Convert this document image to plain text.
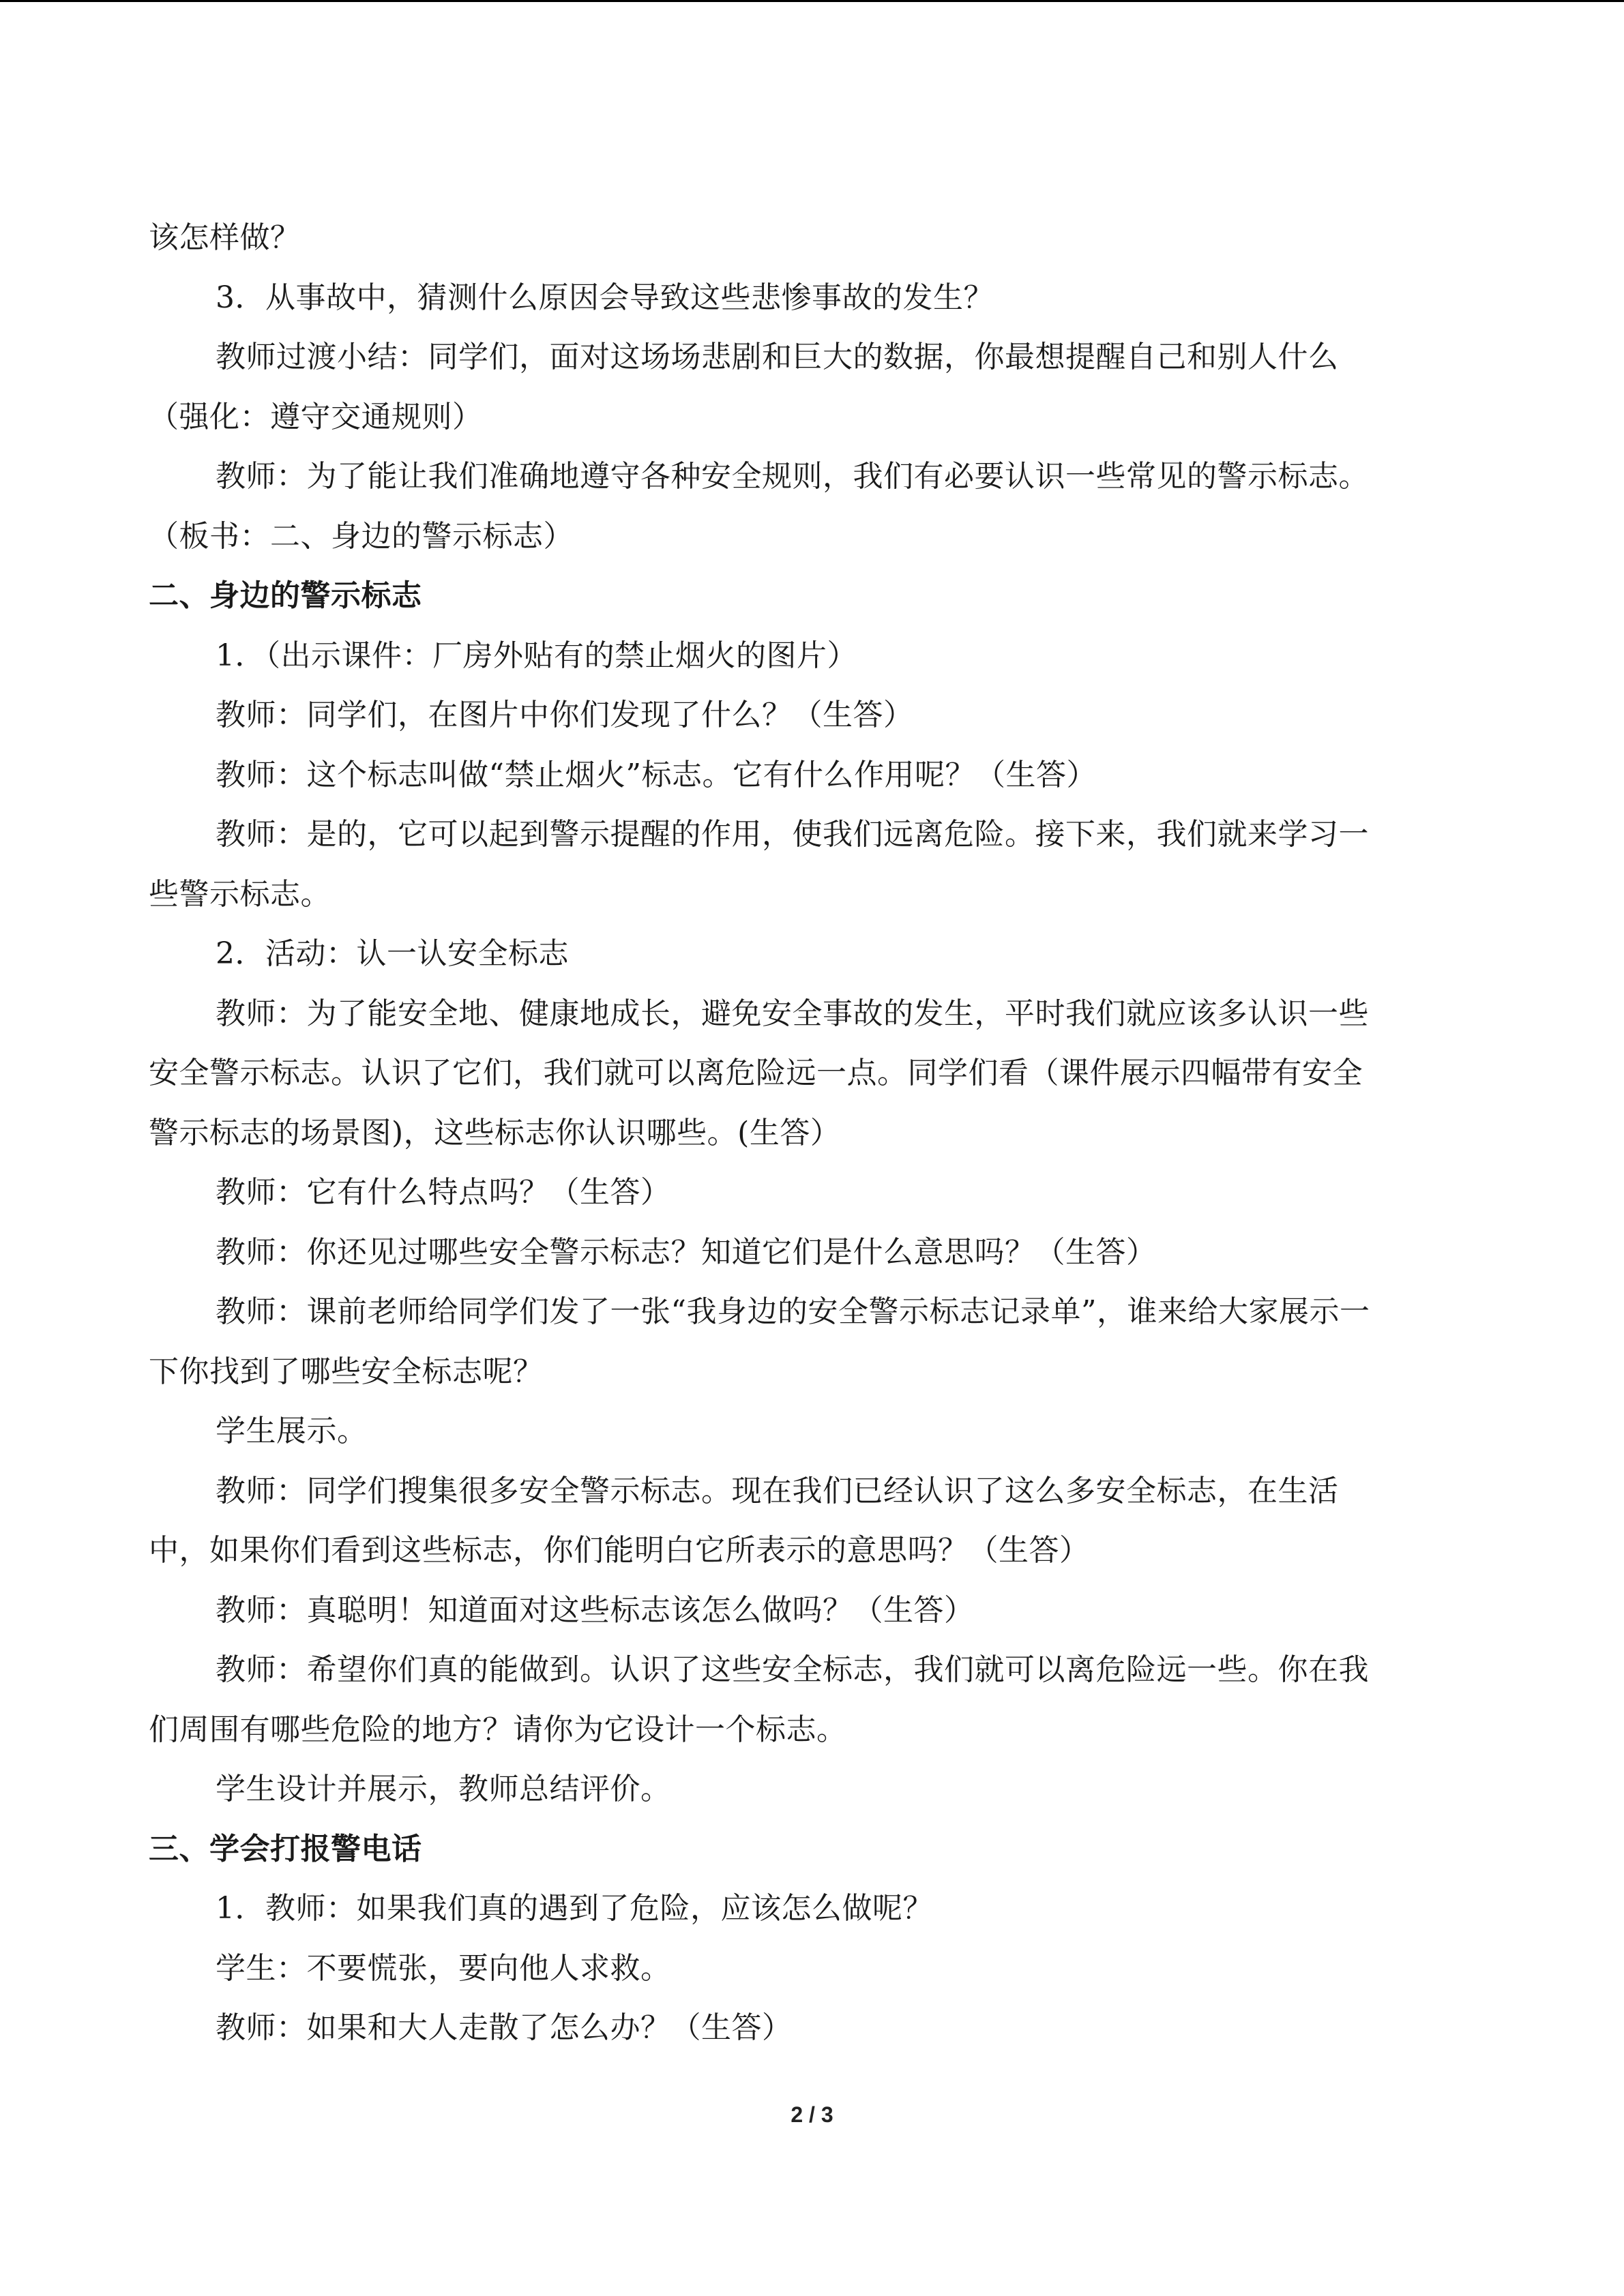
该怎样做？
3．从事故中，猜测什么原因会导致这些悲惨事故的发生？
教师过渡小结：同学们，面对这场场悲剧和巨大的数据，你最想提醒自己和别人什么
（强化：遵守交通规则）
教师：为了能让我们准确地遵守各种安全规则，我们有必要认识一些常见的警示标志。
（板书：二、身边的警示标志）
二、身边的警示标志
1．（出示课件：厂房外贴有的禁止烟火的图片）
教师：同学们，在图片中你们发现了什么？（生答）
教师：这个标志叫做“禁止烟火”标志。它有什么作用呢？（生答）
教师：是的，它可以起到警示提醒的作用，使我们远离危险。接下来，我们就来学习一
些警示标志。
2．活动：认一认安全标志
教师：为了能安全地、健康地成长，避免安全事故的发生，平时我们就应该多认识一些
安全警示标志。认识了它们，我们就可以离危险远一点。同学们看（课件展示四幅带有安全
警示标志的场景图)，这些标志你认识哪些。(生答）
教师：它有什么特点吗？（生答）
教师：你还见过哪些安全警示标志？知道它们是什么意思吗？（生答）
教师：课前老师给同学们发了一张“我身边的安全警示标志记录单”，谁来给大家展示一
下你找到了哪些安全标志呢？
学生展示。
教师：同学们搜集很多安全警示标志。现在我们已经认识了这么多安全标志，在生活
中，如果你们看到这些标志，你们能明白它所表示的意思吗？（生答）
教师：真聪明！知道面对这些标志该怎么做吗？（生答）
教师：希望你们真的能做到。认识了这些安全标志，我们就可以离危险远一些。你在我
们周围有哪些危险的地方？请你为它设计一个标志。
学生设计并展示，教师总结评价。
三、学会打报警电话
1．教师：如果我们真的遇到了危险，应该怎么做呢？
学生：不要慌张，要向他人求救。
教师：如果和大人走散了怎么办？（生答）
2 / 3
